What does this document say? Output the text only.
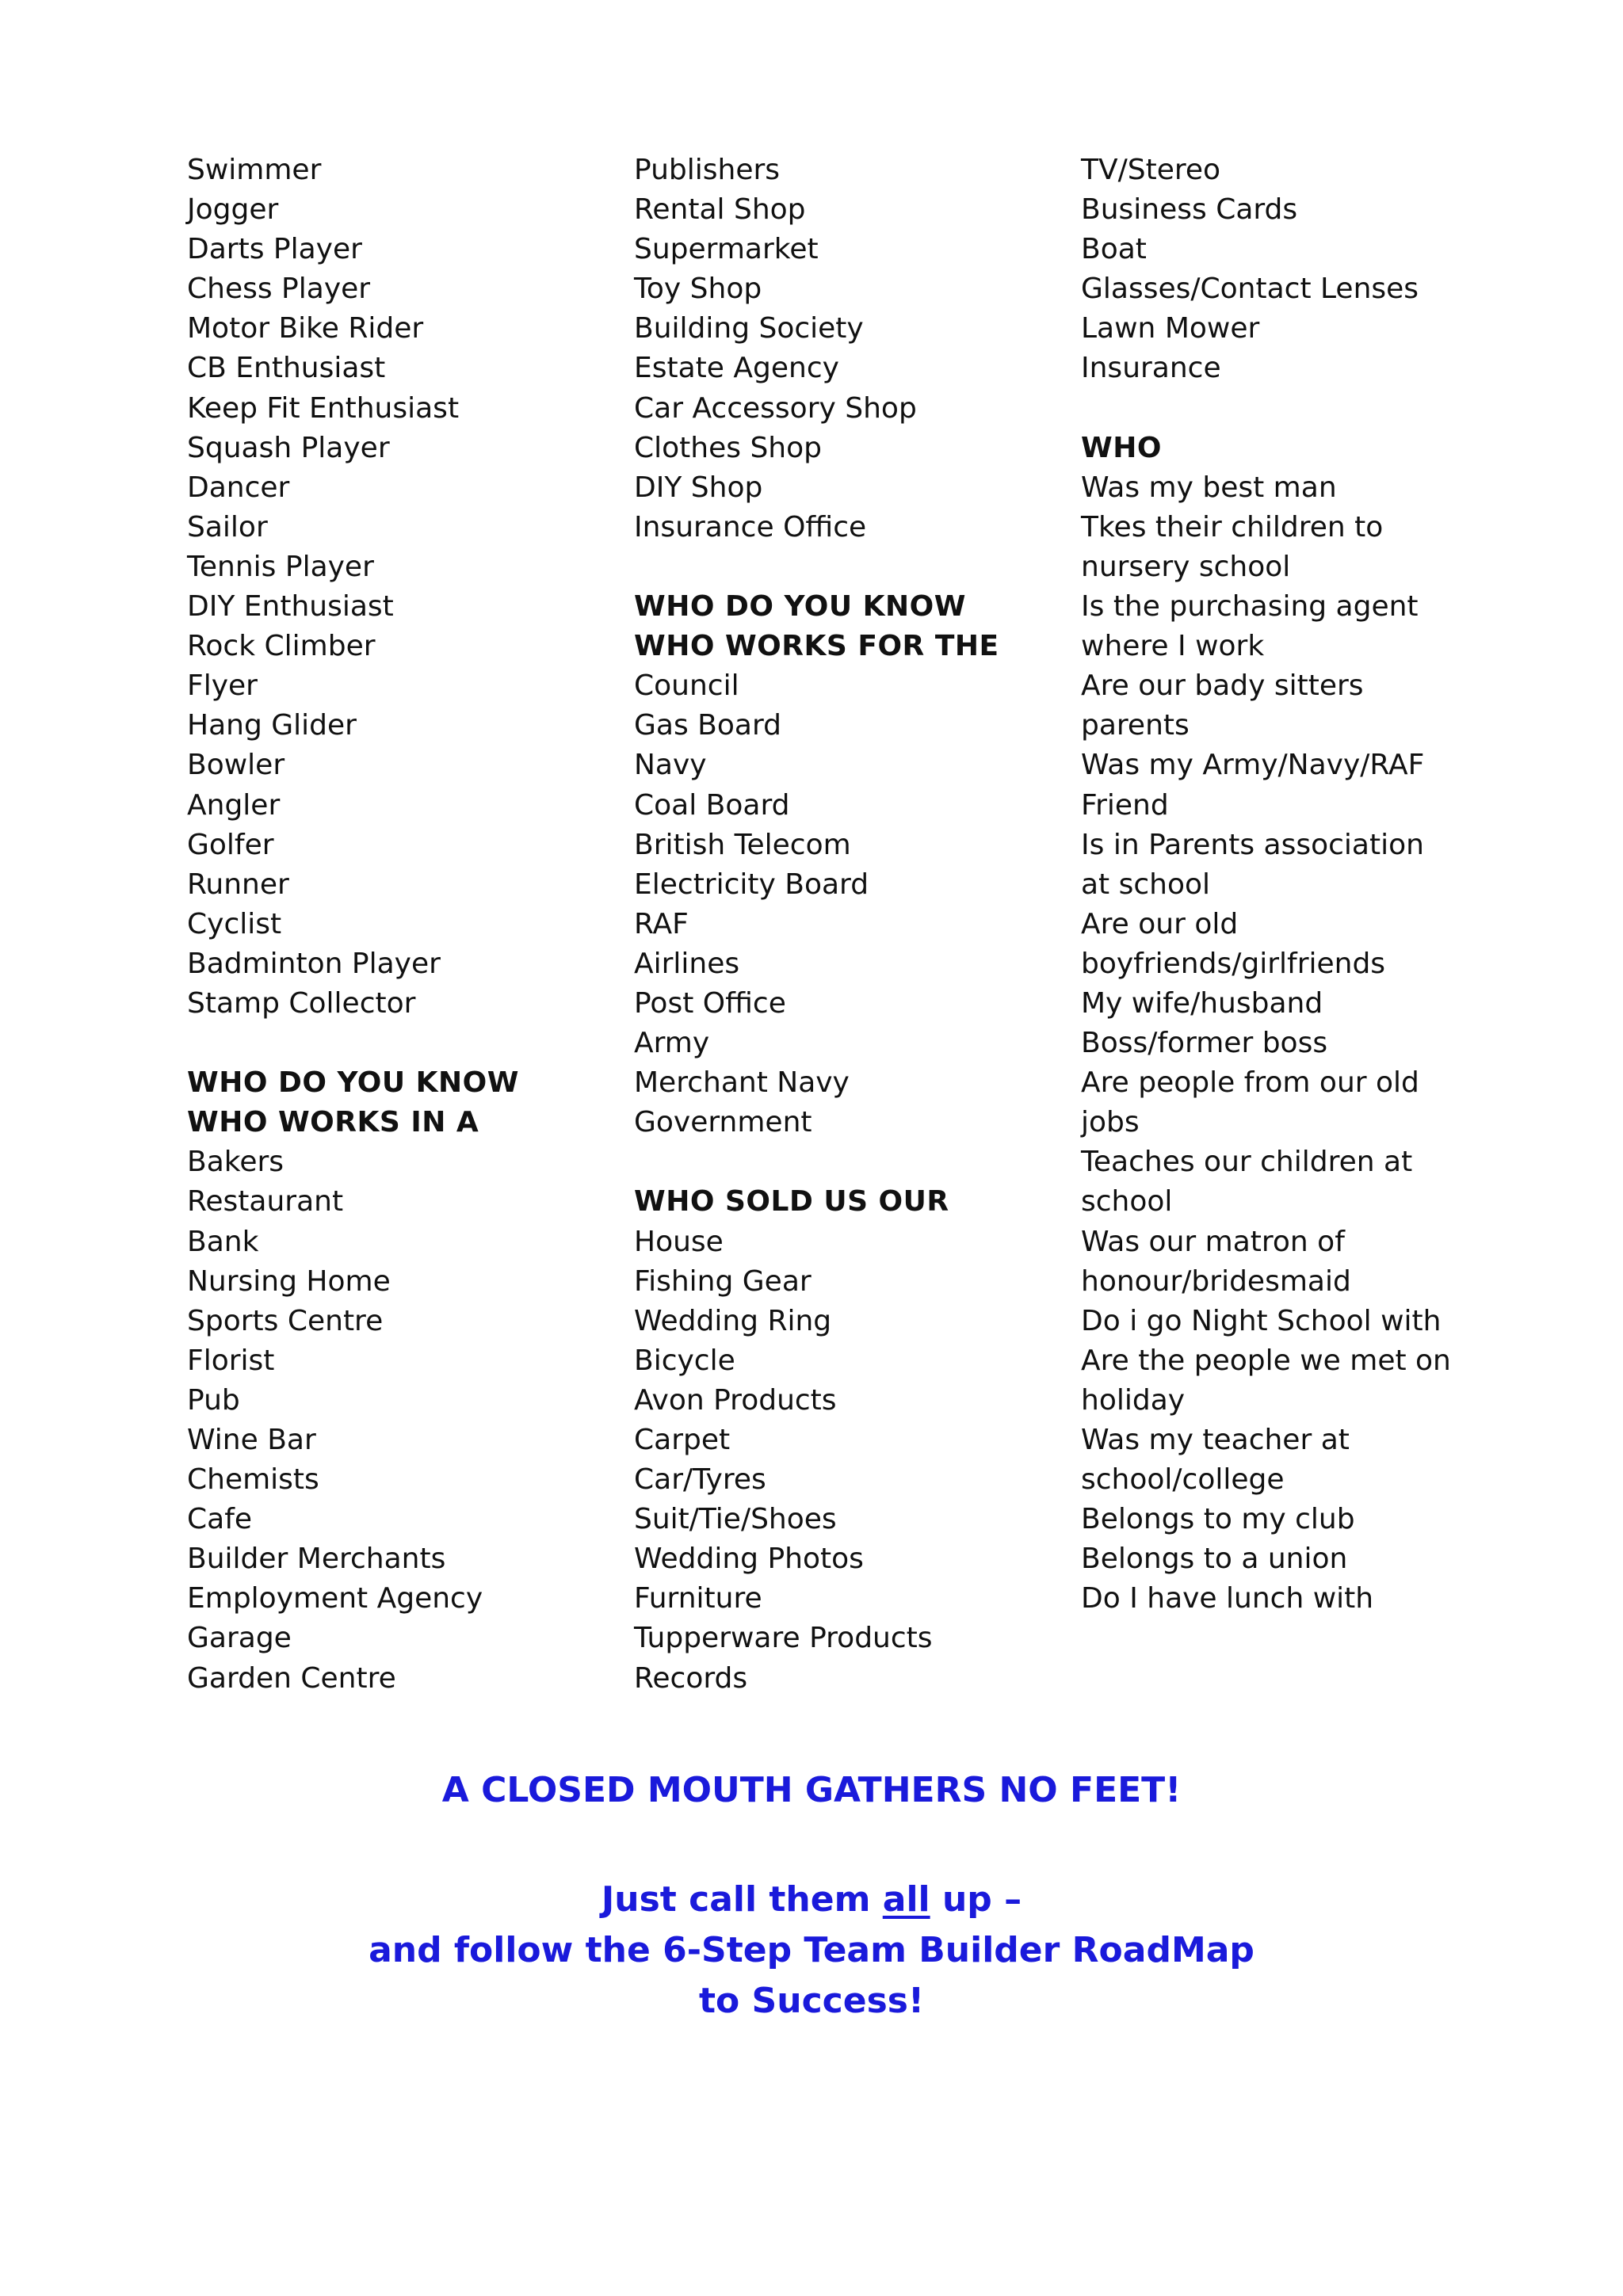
Swimmer
Jogger
Darts Player
Chess Player
Motor Bike Rider
CB Enthusiast
Keep Fit Enthusiast
Squash Player
Dancer
Sailor
Tennis Player
DIY Enthusiast
Rock Climber
Flyer
Hang Glider
Bowler
Angler
Golfer
Runner
Cyclist
Badminton Player
Stamp Collector
WHO DO YOU KNOW
WHO WORKS IN A
Bakers
Restaurant
Bank
Nursing Home
Sports Centre
Florist
Pub
Wine Bar
Chemists
Cafe
Builder Merchants
Employment Agency
Garage
Garden Centre
Publishers
Rental Shop
Supermarket
Toy Shop
Building Society
Estate Agency
Car Accessory Shop
Clothes Shop
DIY Shop
Insurance Office
WHO DO YOU KNOW
WHO WORKS FOR THE
Council
Gas Board
Navy
Coal Board
British Telecom
Electricity Board
RAF
Airlines
Post Office
Army
Merchant Navy
Government
WHO SOLD US OUR
House
Fishing Gear
Wedding Ring
Bicycle
Avon Products
Carpet
Car/Tyres
Suit/Tie/Shoes
Wedding Photos
Furniture
Tupperware Products
Records
TV/Stereo
Business Cards
Boat
Glasses/Contact Lenses
Lawn Mower
Insurance
WHO
Was my best man
Tkes their children to
nursery school
Is the purchasing agent
where I work
Are our bady sitters
parents
Was my Army/Navy/RAF
Friend
Is in Parents association
at school
Are our old
boyfriends/girlfriends
My wife/husband
Boss/former boss
Are people from our old
jobs
Teaches our children at
school
Was our matron of
honour/bridesmaid
Do i go Night School with
Are the people we met on
holiday
Was my teacher at
school/college
Belongs to my club
Belongs to a union
Do I have lunch with
A CLOSED MOUTH GATHERS NO FEET!
Just call them all up –
and follow the 6-Step Team Builder RoadMap
to Success!
